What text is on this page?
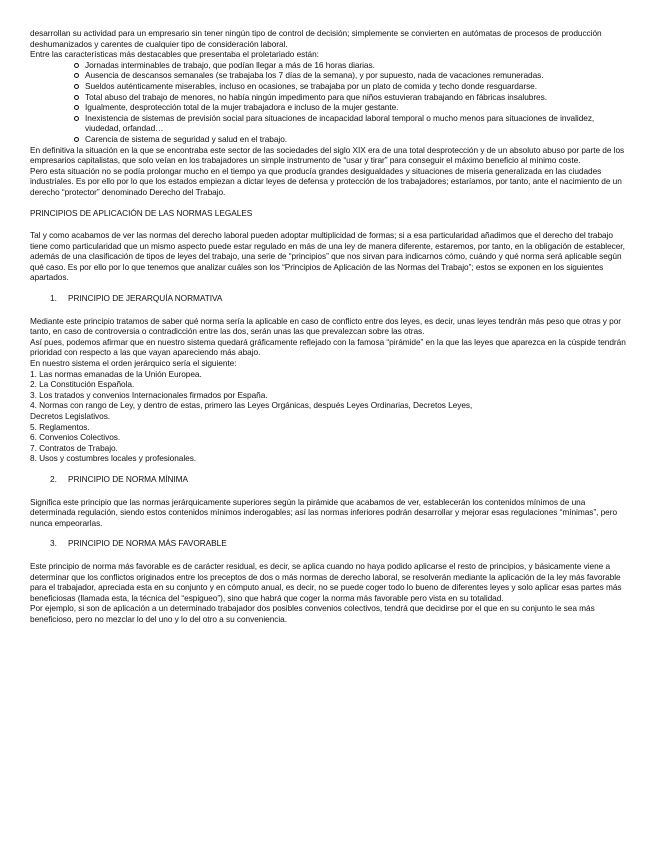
desarrollan su actividad para un empresario sin tener ningún tipo de control de decisión; simplemente se convierten en autómatas de procesos de producción deshumanizados y carentes de cualquier tipo de consideración laboral.

Entre las características más destacables que presentaba el proletariado están:

Jornadas interminables de trabajo, que podían llegar a más de 16 horas diarias.
Ausencia de descansos semanales (se trabajaba los 7 días de la semana), y por supuesto, nada de vacaciones remuneradas.
Sueldos auténticamente miserables, incluso en ocasiones, se trabajaba por un plato de comida y techo donde resguardarse.
Total abuso del trabajo de menores, no había ningún impedimento para que niños estuvieran trabajando en fábricas insalubres.
Igualmente, desprotección total de la mujer trabajadora e incluso de la mujer gestante.
Inexistencia de sistemas de previsión social para situaciones de incapacidad laboral temporal o mucho menos para situaciones de invalidez, viudedad, orfandad…
Carencia de sistema de seguridad y salud en el trabajo.

En definitiva la situación en la que se encontraba este sector de las sociedades del siglo XIX era de una total desprotección y de un absoluto abuso por parte de los empresarios capitalistas, que solo veían en los trabajadores un simple instrumento de “usar y tirar” para conseguir el máximo beneficio al mínimo coste.

Pero esta situación no se podía prolongar mucho en el tiempo ya que producía grandes desigualdades y situaciones de miseria generalizada en las ciudades industriales. Es por ello por lo que los estados empiezan a dictar leyes de defensa y protección de los trabajadores; estaríamos, por tanto, ante el nacimiento de un derecho “protector” denominado Derecho del Trabajo.

PRINCIPIOS DE APLICACIÓN DE LAS NORMAS LEGALES

Tal y como acabamos de ver las normas del derecho laboral pueden adoptar multiplicidad de formas; si a esa particularidad añadimos que el derecho del trabajo tiene como particularidad que un mismo aspecto puede estar regulado en más de una ley de manera diferente, estaremos, por tanto, en la obligación de establecer, además de una clasificación de tipos de leyes del trabajo, una serie de “principios” que nos sirvan para indicarnos cómo, cuándo y qué norma será aplicable según qué caso. Es por ello por lo que tenemos que analizar cuáles son los “Principios de Aplicación de las Normas del Trabajo”; estos se exponen en los siguientes apartados.

1. PRINCIPIO DE JERARQUÍA NORMATIVA

Mediante este principio tratamos de saber qué norma sería la aplicable en caso de conflicto entre dos leyes, es decir, unas leyes tendrán más peso que otras y por tanto, en caso de controversia o contradicción entre las dos, serán unas las que prevalezcan sobre las otras.

Así pues, podemos afirmar que en nuestro sistema quedará gráficamente reflejado con la famosa “pirámide” en la que las leyes que aparezca en la cúspide tendrán prioridad con respecto a las que vayan apareciendo más abajo.

En nuestro sistema el orden jerárquico sería el siguiente:

1. Las normas emanadas de la Unión Europea.
2. La Constitución Española.
3. Los tratados y convenios Internacionales firmados por España.
4. Normas con rango de Ley, y dentro de estas, primero las Leyes Orgánicas, después Leyes Ordinarias, Decretos Leyes,
Decretos Legislativos.
5. Reglamentos.
6. Convenios Colectivos.
7. Contratos de Trabajo.
8. Usos y costumbres locales y profesionales.

2. PRINCIPIO DE NORMA MÍNIMA

Significa este principio que las normas jerárquicamente superiores según la pirámide que acabamos de ver, establecerán los contenidos mínimos de una determinada regulación, siendo estos contenidos mínimos inderogables; así las normas inferiores podrán desarrollar y mejorar esas regulaciones “mínimas”, pero nunca empeorarlas.

3. PRINCIPIO DE NORMA MÁS FAVORABLE

Este principio de norma más favorable es de carácter residual, es decir, se aplica cuando no haya podido aplicarse el resto de principios, y básicamente viene a determinar que los conflictos originados entre los preceptos de dos o más normas de derecho laboral, se resolverán mediante la aplicación de la ley más favorable para el trabajador, apreciada esta en su conjunto y en cómputo anual, es decir, no se puede coger todo lo bueno de diferentes leyes y solo aplicar esas partes más beneficiosas (llamada esta, la técnica del “espigueo”), sino que habrá que coger la norma más favorable pero vista en su totalidad.

Por ejemplo, si son de aplicación a un determinado trabajador dos posibles convenios colectivos, tendrá que decidirse por el que en su conjunto le sea más beneficioso, pero no mezclar lo del uno y lo del otro a su conveniencia.
